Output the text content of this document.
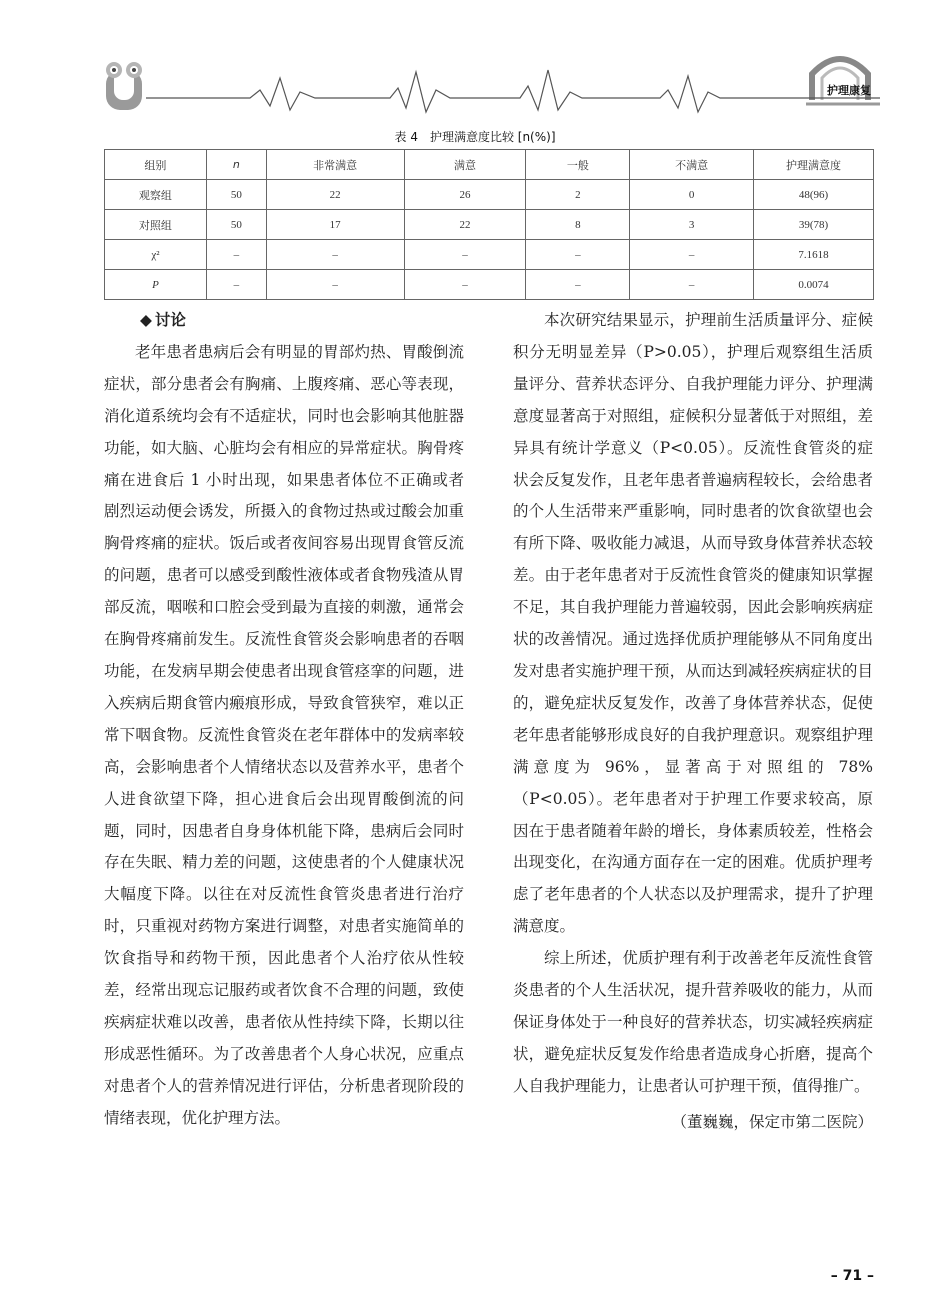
护理康复
表 4　护理满意度比较 [n(%)]
组别	n	非常满意	满意	一般	不满意	护理满意度
观察组	50	22	26	2	0	48(96)
对照组	50	17	22	8	3	39(78)
χ²	–	–	–	–	–	7.1618
P	–	–	–	–	–	0.0074
◆ 讨论

老年患者患病后会有明显的胃部灼热、胃酸倒流症状，部分患者会有胸痛、上腹疼痛、恶心等表现，消化道系统均会有不适症状，同时也会影响其他脏器功能，如大脑、心脏均会有相应的异常症状。胸骨疼痛在进食后 1 小时出现，如果患者体位不正确或者剧烈运动便会诱发，所摄入的食物过热或过酸会加重胸骨疼痛的症状。饭后或者夜间容易出现胃食管反流的问题，患者可以感受到酸性液体或者食物残渣从胃部反流，咽喉和口腔会受到最为直接的刺激，通常会在胸骨疼痛前发生。反流性食管炎会影响患者的吞咽功能，在发病早期会使患者出现食管痉挛的问题，进入疾病后期食管内瘢痕形成，导致食管狭窄，难以正常下咽食物。反流性食管炎在老年群体中的发病率较高，会影响患者个人情绪状态以及营养水平，患者个人进食欲望下降，担心进食后会出现胃酸倒流的问题，同时，因患者自身身体机能下降，患病后会同时存在失眠、精力差的问题，这使患者的个人健康状况大幅度下降。以往在对反流性食管炎患者进行治疗时，只重视对药物方案进行调整，对患者实施简单的饮食指导和药物干预，因此患者个人治疗依从性较差，经常出现忘记服药或者饮食不合理的问题，致使疾病症状难以改善，患者依从性持续下降，长期以往形成恶性循环。为了改善患者个人身心状况，应重点对患者个人的营养情况进行评估，分析患者现阶段的情绪表现，优化护理方法。

本次研究结果显示，护理前生活质量评分、症候积分无明显差异（P>0.05），护理后观察组生活质量评分、营养状态评分、自我护理能力评分、护理满意度显著高于对照组，症候积分显著低于对照组，差异具有统计学意义（P<0.05）。反流性食管炎的症状会反复发作，且老年患者普遍病程较长，会给患者的个人生活带来严重影响，同时患者的饮食欲望也会有所下降、吸收能力减退，从而导致身体营养状态较差。由于老年患者对于反流性食管炎的健康知识掌握不足，其自我护理能力普遍较弱，因此会影响疾病症状的改善情况。通过选择优质护理能够从不同角度出发对患者实施护理干预，从而达到减轻疾病症状的目的，避免症状反复发作，改善了身体营养状态，促使老年患者能够形成良好的自我护理意识。观察组护理满意度为 96%，显著高于对照组的 78%（P<0.05）。老年患者对于护理工作要求较高，原因在于患者随着年龄的增长，身体素质较差，性格会出现变化，在沟通方面存在一定的困难。优质护理考虑了老年患者的个人状态以及护理需求，提升了护理满意度。

综上所述，优质护理有利于改善老年反流性食管炎患者的个人生活状况，提升营养吸收的能力，从而保证身体处于一种良好的营养状态，切实减轻疾病症状，避免症状反复发作给患者造成身心折磨，提高个人自我护理能力，让患者认可护理干预，值得推广。

（董巍巍，保定市第二医院）
– 71 –
